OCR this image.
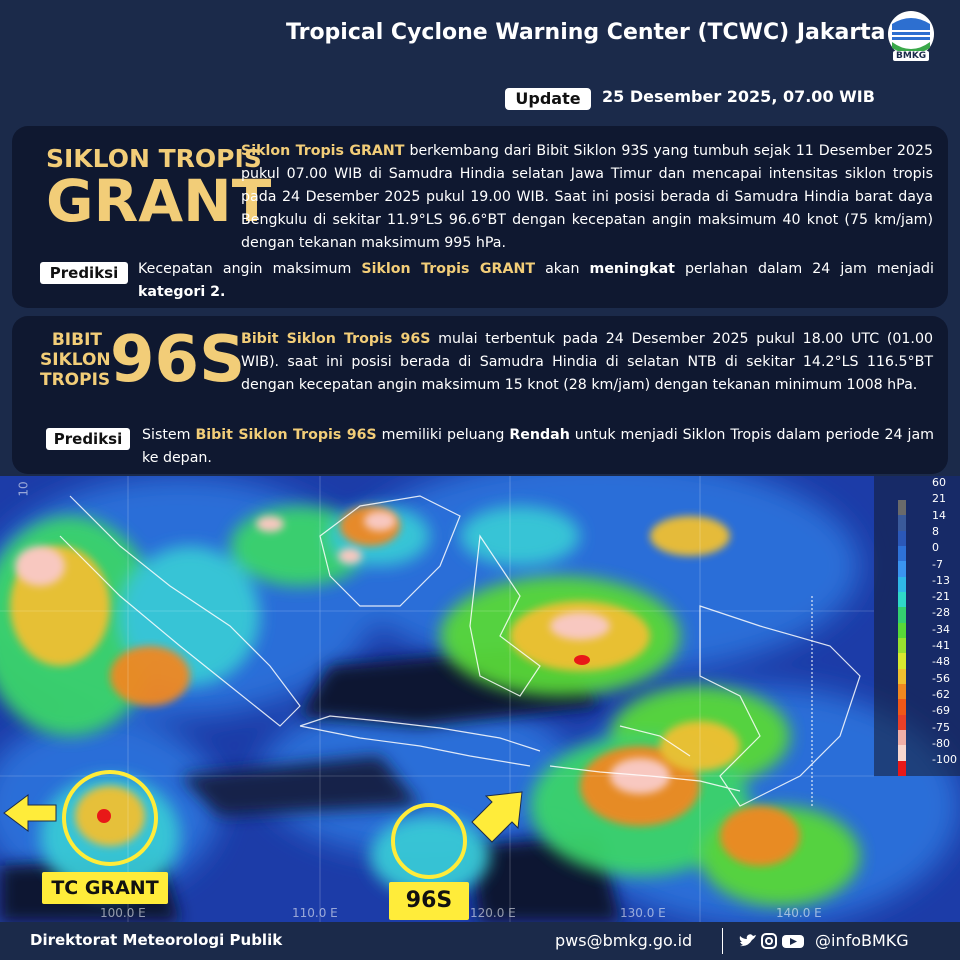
Tropical Cyclone Warning Center (TCWC) Jakarta
BMKG
Update	25 Desember 2025, 07.00 WIB
SIKLON TROPIS
GRANT
Siklon Tropis GRANT berkembang dari Bibit Siklon 93S yang tumbuh sejak 11 Desember 2025 pukul 07.00 WIB di Samudra Hindia selatan Jawa Timur dan mencapai intensitas siklon tropis pada 24 Desember 2025 pukul 19.00 WIB. Saat ini posisi berada di Samudra Hindia barat daya Bengkulu di sekitar 11.9°LS 96.6°BT dengan kecepatan angin maksimum 40 knot (75 km/jam) dengan tekanan maksimum 995 hPa.
Prediksi	Kecepatan angin maksimum Siklon Tropis GRANT akan meningkat perlahan dalam 24 jam menjadi kategori 2.
BIBIT
SIKLON
TROPIS 96S
Bibit Siklon Tropis 96S mulai terbentuk pada 24 Desember 2025 pukul 18.00 UTC (01.00 WIB). saat ini posisi berada di Samudra Hindia di selatan NTB di sekitar 14.2°LS 116.5°BT dengan kecepatan angin maksimum 15 knot (28 km/jam) dengan tekanan minimum 1008 hPa.
Prediksi	Sistem Bibit Siklon Tropis 96S memiliki peluang Rendah untuk menjadi Siklon Tropis dalam periode 24 jam ke depan.
100.0 E	110.0 E	120.0 E	130.0 E	140.0 E
10
TC GRANT	96S
60
21
14
8
0
-7
-13
-21
-28
-34
-41
-48
-56
-62
-69
-75
-80
-100
Direktorat Meteorologi Publik	pws@bmkg.go.id	@infoBMKG
